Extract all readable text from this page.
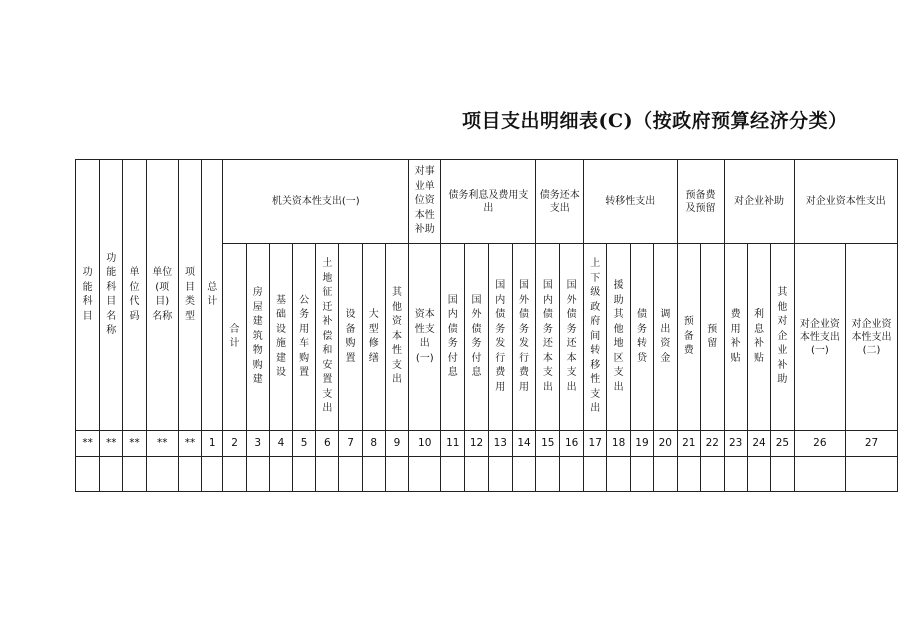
项目支出明细表(C)（按政府预算经济分类）
功能科目	功能科目名称	单位代码	单位(项目)名称	项目类型	总计	机关资本性支出(一)								对事业单位资本性补助	债务利息及费用支出				债务还本支出		转移性支出				预备费及预留		对企业补助			对企业资本性支出	
						合计	房屋建筑物购建	基础设施建设	公务用车购置	土地征迁补偿和安置支出	设备购置	大型修缮	其他资本性支出	资本性支出(一)	国内债务付息	国外债务付息	国内债务发行费用	国外债务发行费用	国内债务还本支出	国外债务还本支出	上下级政府间转移性支出	援助其他地区支出	债务转贷	调出资金	预备费	预留	费用补贴	利息补贴	其他对企业补助	对企业资本性支出(一)	对企业资本性支出(二)
**	**	**	**	**	1	2	3	4	5	6	7	8	9	10	11	12	13	14	15	16	17	18	19	20	21	22	23	24	25	26	27
